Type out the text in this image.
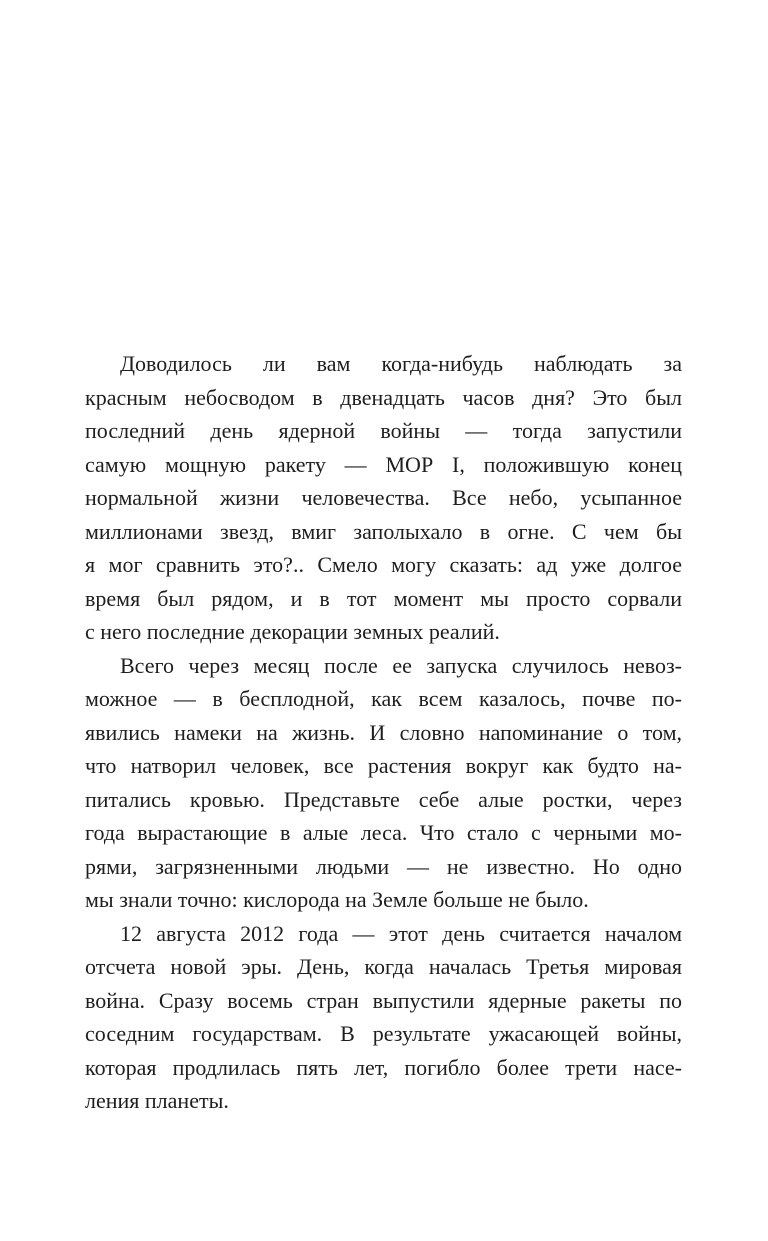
Доводилось ли вам когда-нибудь наблюдать за
красным небосводом в двенадцать часов дня? Это был
последний день ядерной войны — тогда запустили
самую мощную ракету — МОР I, положившую конец
нормальной жизни человечества. Все небо, усыпанное
миллионами звезд, вмиг заполыхало в огне. С чем бы
я мог сравнить это?.. Смело могу сказать: ад уже долгое
время был рядом, и в тот момент мы просто сорвали
с него последние декорации земных реалий.

Всего через месяц после ее запуска случилось невоз-
можное — в бесплодной, как всем казалось, почве по-
явились намеки на жизнь. И словно напоминание о том,
что натворил человек, все растения вокруг как будто на-
питались кровью. Представьте себе алые ростки, через
года вырастающие в алые леса. Что стало с черными мо-
рями, загрязненными людьми — не известно. Но одно
мы знали точно: кислорода на Земле больше не было.

12 августа 2012 года — этот день считается началом
отсчета новой эры. День, когда началась Третья мировая
война. Сразу восемь стран выпустили ядерные ракеты по
соседним государствам. В результате ужасающей войны,
которая продлилась пять лет, погибло более трети насе-
ления планеты.
